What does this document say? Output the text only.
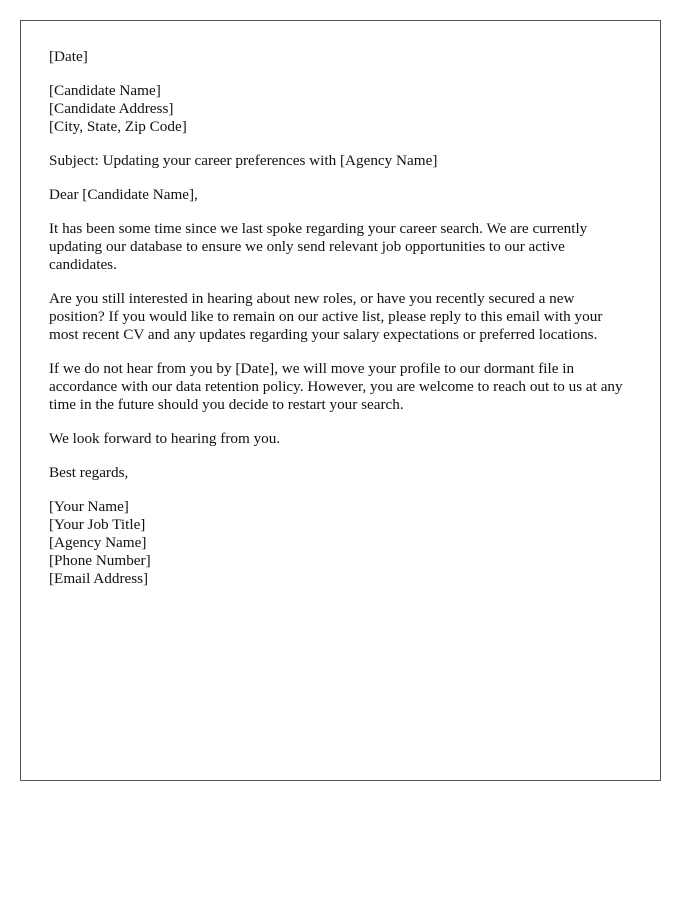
[Date]
[Candidate Name]
[Candidate Address]
[City, State, Zip Code]
Subject: Updating your career preferences with [Agency Name]
Dear [Candidate Name],

It has been some time since we last spoke regarding your career search. We are currently updating our database to ensure we only send relevant job opportunities to our active candidates.

Are you still interested in hearing about new roles, or have you recently secured a new position? If you would like to remain on our active list, please reply to this email with your most recent CV and any updates regarding your salary expectations or preferred locations.

If we do not hear from you by [Date], we will move your profile to our dormant file in accordance with our data retention policy. However, you are welcome to reach out to us at any time in the future should you decide to restart your search.

We look forward to hearing from you.

Best regards,
[Your Name]
[Your Job Title]
[Agency Name]
[Phone Number]
[Email Address]
